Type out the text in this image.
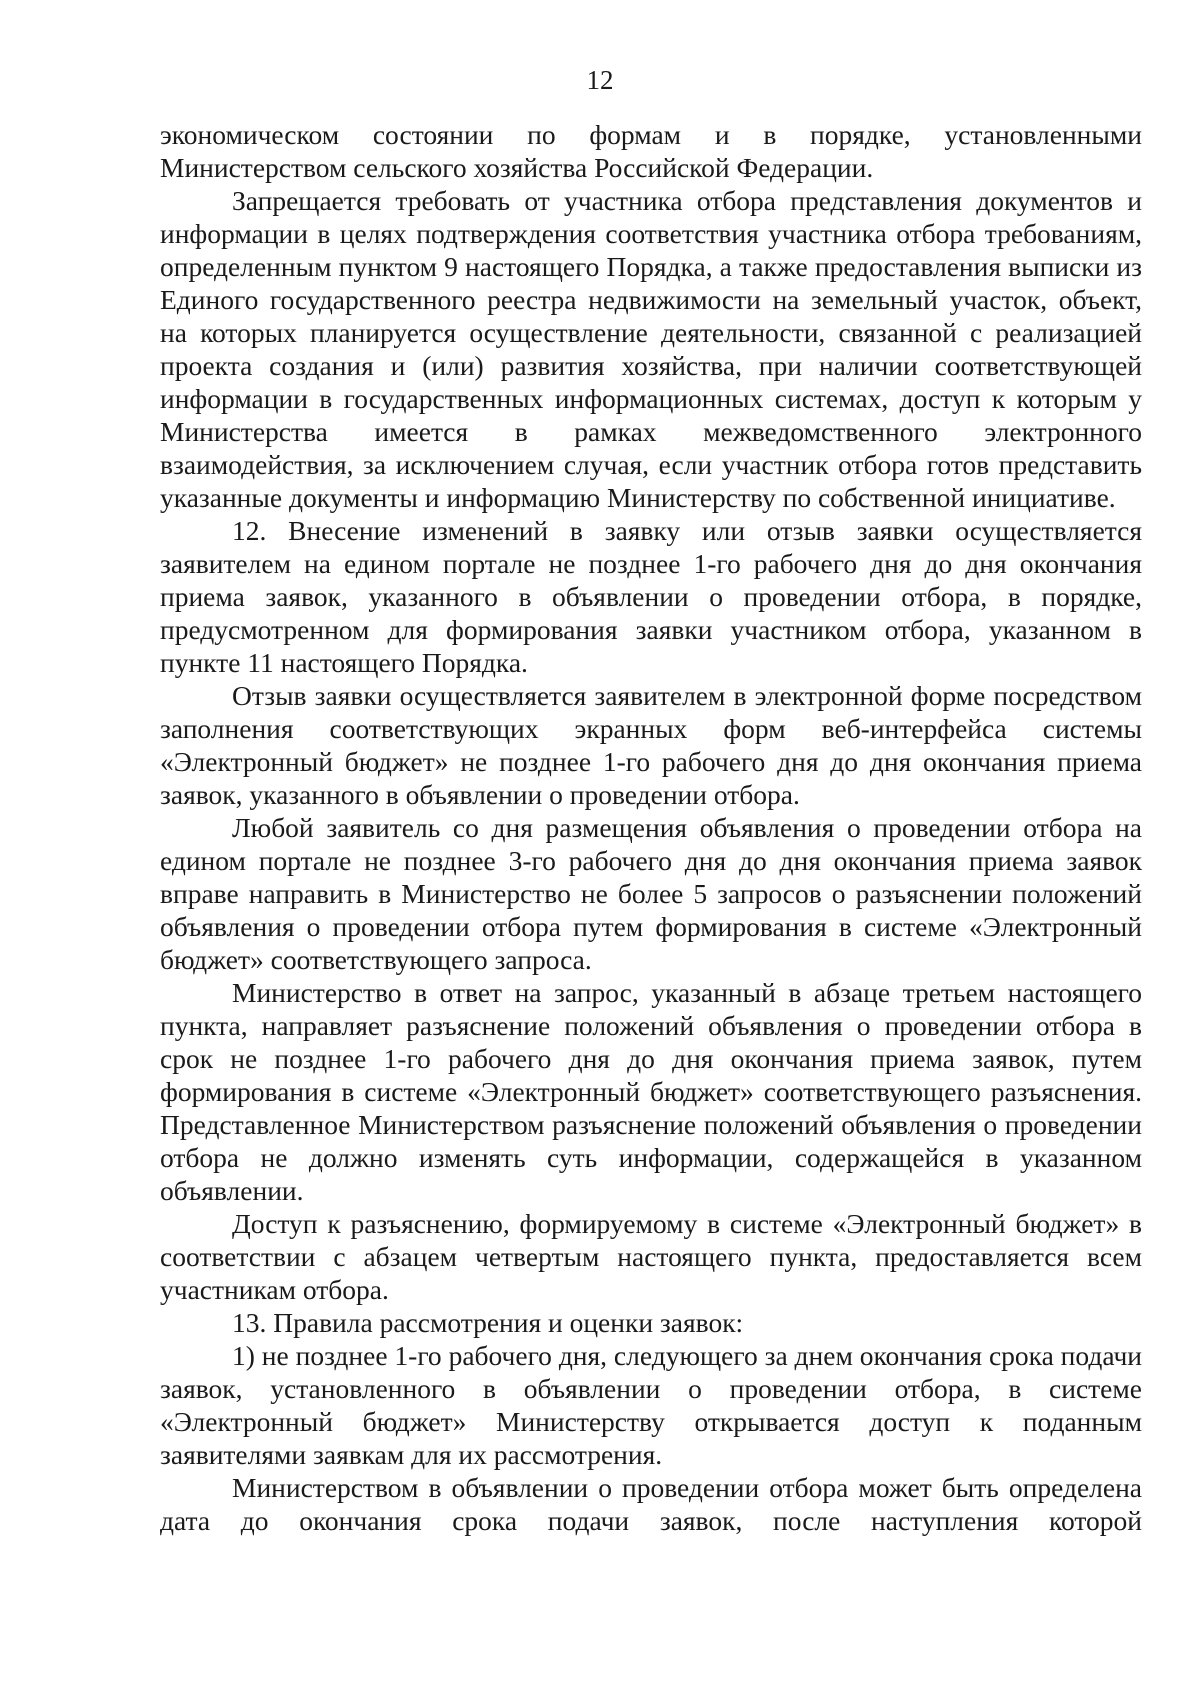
12

экономическом состоянии по формам и в порядке, установленными Министерством сельского хозяйства Российской Федерации.

Запрещается требовать от участника отбора представления документов и информации в целях подтверждения соответствия участника отбора требованиям, определенным пунктом 9 настоящего Порядка, а также предоставления выписки из Единого государственного реестра недвижимости на земельный участок, объект, на которых планируется осуществление деятельности, связанной с реализацией проекта создания и (или) развития хозяйства, при наличии соответствующей информации в государственных информационных системах, доступ к которым у Министерства имеется в рамках межведомственного электронного взаимодействия, за исключением случая, если участник отбора готов представить указанные документы и информацию Министерству по собственной инициативе.

12. Внесение изменений в заявку или отзыв заявки осуществляется заявителем на едином портале не позднее 1-го рабочего дня до дня окончания приема заявок, указанного в объявлении о проведении отбора, в порядке, предусмотренном для формирования заявки участником отбора, указанном в пункте 11 настоящего Порядка.

Отзыв заявки осуществляется заявителем в электронной форме посредством заполнения соответствующих экранных форм веб-интерфейса системы «Электронный бюджет» не позднее 1-го рабочего дня до дня окончания приема заявок, указанного в объявлении о проведении отбора.

Любой заявитель со дня размещения объявления о проведении отбора на едином портале не позднее 3-го рабочего дня до дня окончания приема заявок вправе направить в Министерство не более 5 запросов о разъяснении положений объявления о проведении отбора путем формирования в системе «Электронный бюджет» соответствующего запроса.

Министерство в ответ на запрос, указанный в абзаце третьем настоящего пункта, направляет разъяснение положений объявления о проведении отбора в срок не позднее 1-го рабочего дня до дня окончания приема заявок, путем формирования в системе «Электронный бюджет» соответствующего разъяснения. Представленное Министерством разъяснение положений объявления о проведении отбора не должно изменять суть информации, содержащейся в указанном объявлении.

Доступ к разъяснению, формируемому в системе «Электронный бюджет» в соответствии с абзацем четвертым настоящего пункта, предоставляется всем участникам отбора.

13. Правила рассмотрения и оценки заявок:

1) не позднее 1-го рабочего дня, следующего за днем окончания срока подачи заявок, установленного в объявлении о проведении отбора, в системе «Электронный бюджет» Министерству открывается доступ к поданным заявителями заявкам для их рассмотрения.

Министерством в объявлении о проведении отбора может быть определена дата до окончания срока подачи заявок, после наступления которой
